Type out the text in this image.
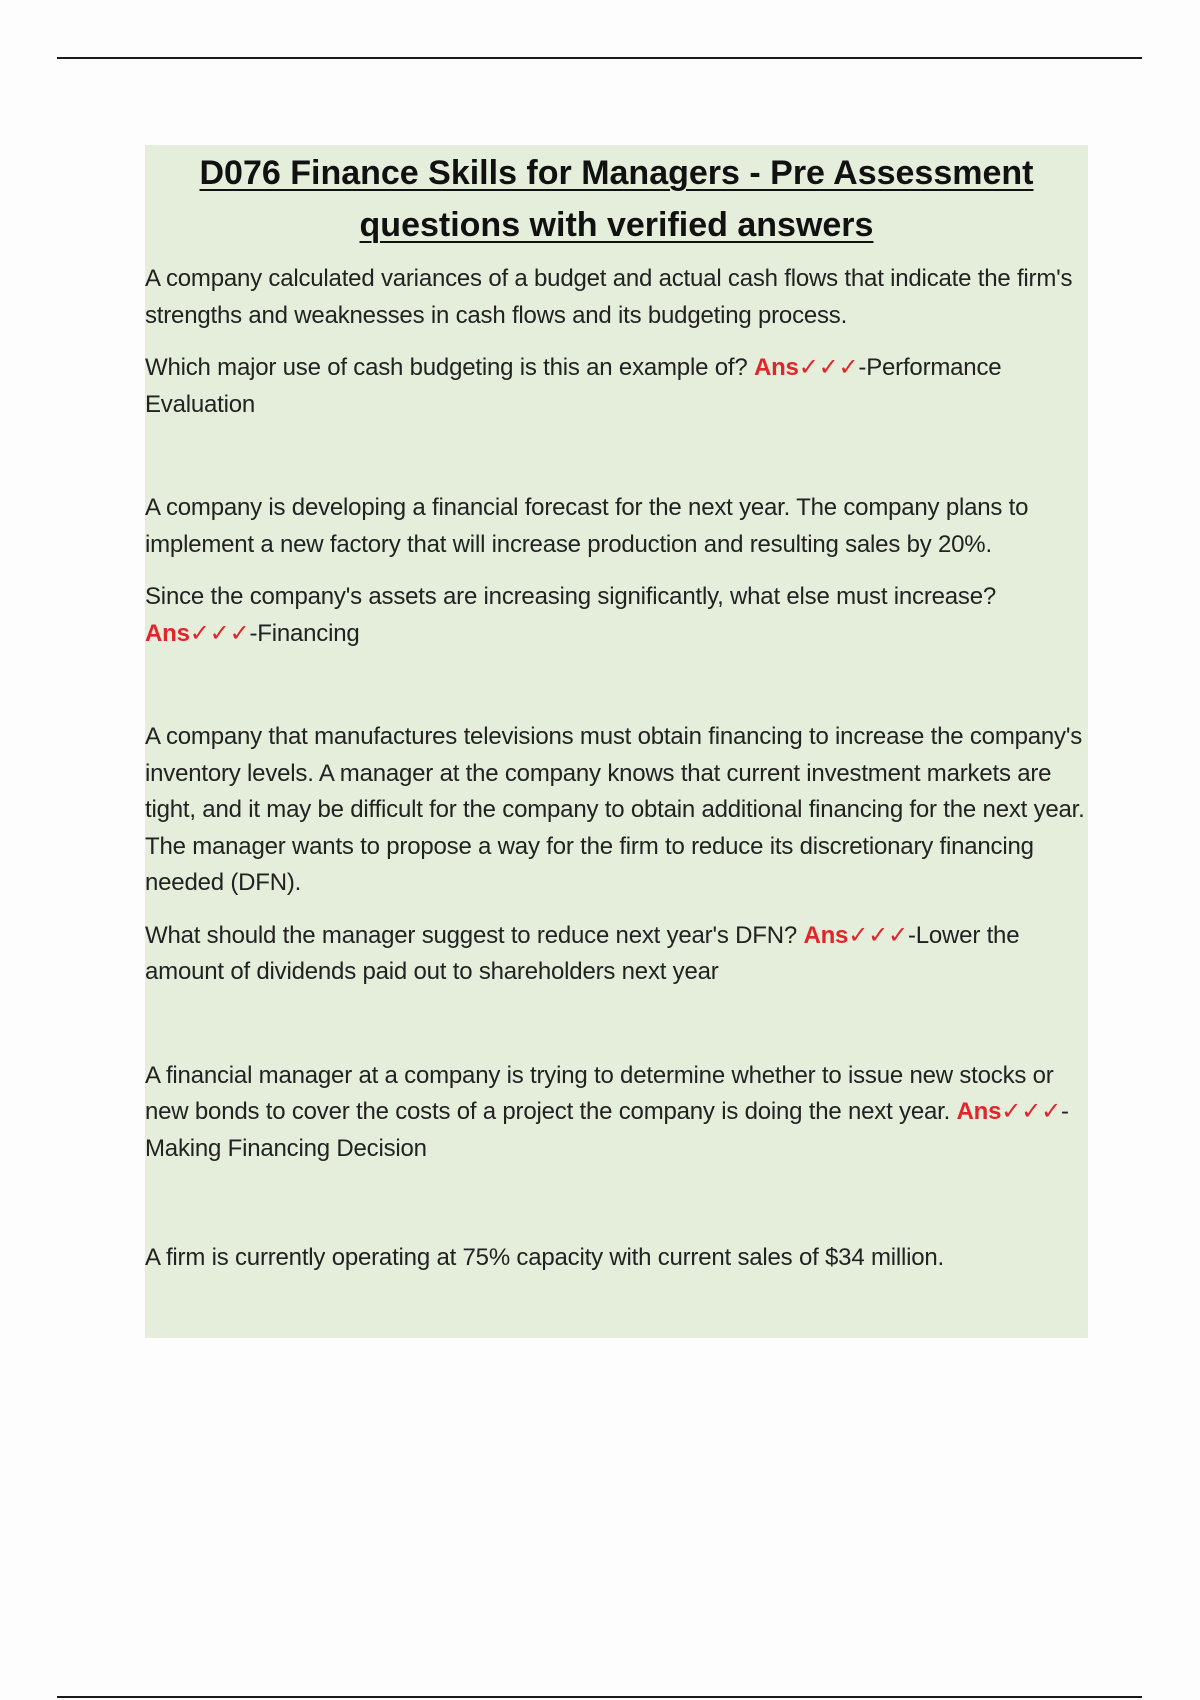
D076 Finance Skills for Managers - Pre Assessment questions with verified answers

A company calculated variances of a budget and actual cash flows that indicate the firm's strengths and weaknesses in cash flows and its budgeting process.

Which major use of cash budgeting is this an example of? Ans✓✓✓-Performance Evaluation

A company is developing a financial forecast for the next year. The company plans to implement a new factory that will increase production and resulting sales by 20%.

Since the company's assets are increasing significantly, what else must increase? Ans✓✓✓-Financing

A company that manufactures televisions must obtain financing to increase the company's inventory levels. A manager at the company knows that current investment markets are tight, and it may be difficult for the company to obtain additional financing for the next year. The manager wants to propose a way for the firm to reduce its discretionary financing needed (DFN).

What should the manager suggest to reduce next year's DFN? Ans✓✓✓-Lower the amount of dividends paid out to shareholders next year

A financial manager at a company is trying to determine whether to issue new stocks or new bonds to cover the costs of a project the company is doing the next year. Ans✓✓✓-Making Financing Decision

A firm is currently operating at 75% capacity with current sales of $34 million.
